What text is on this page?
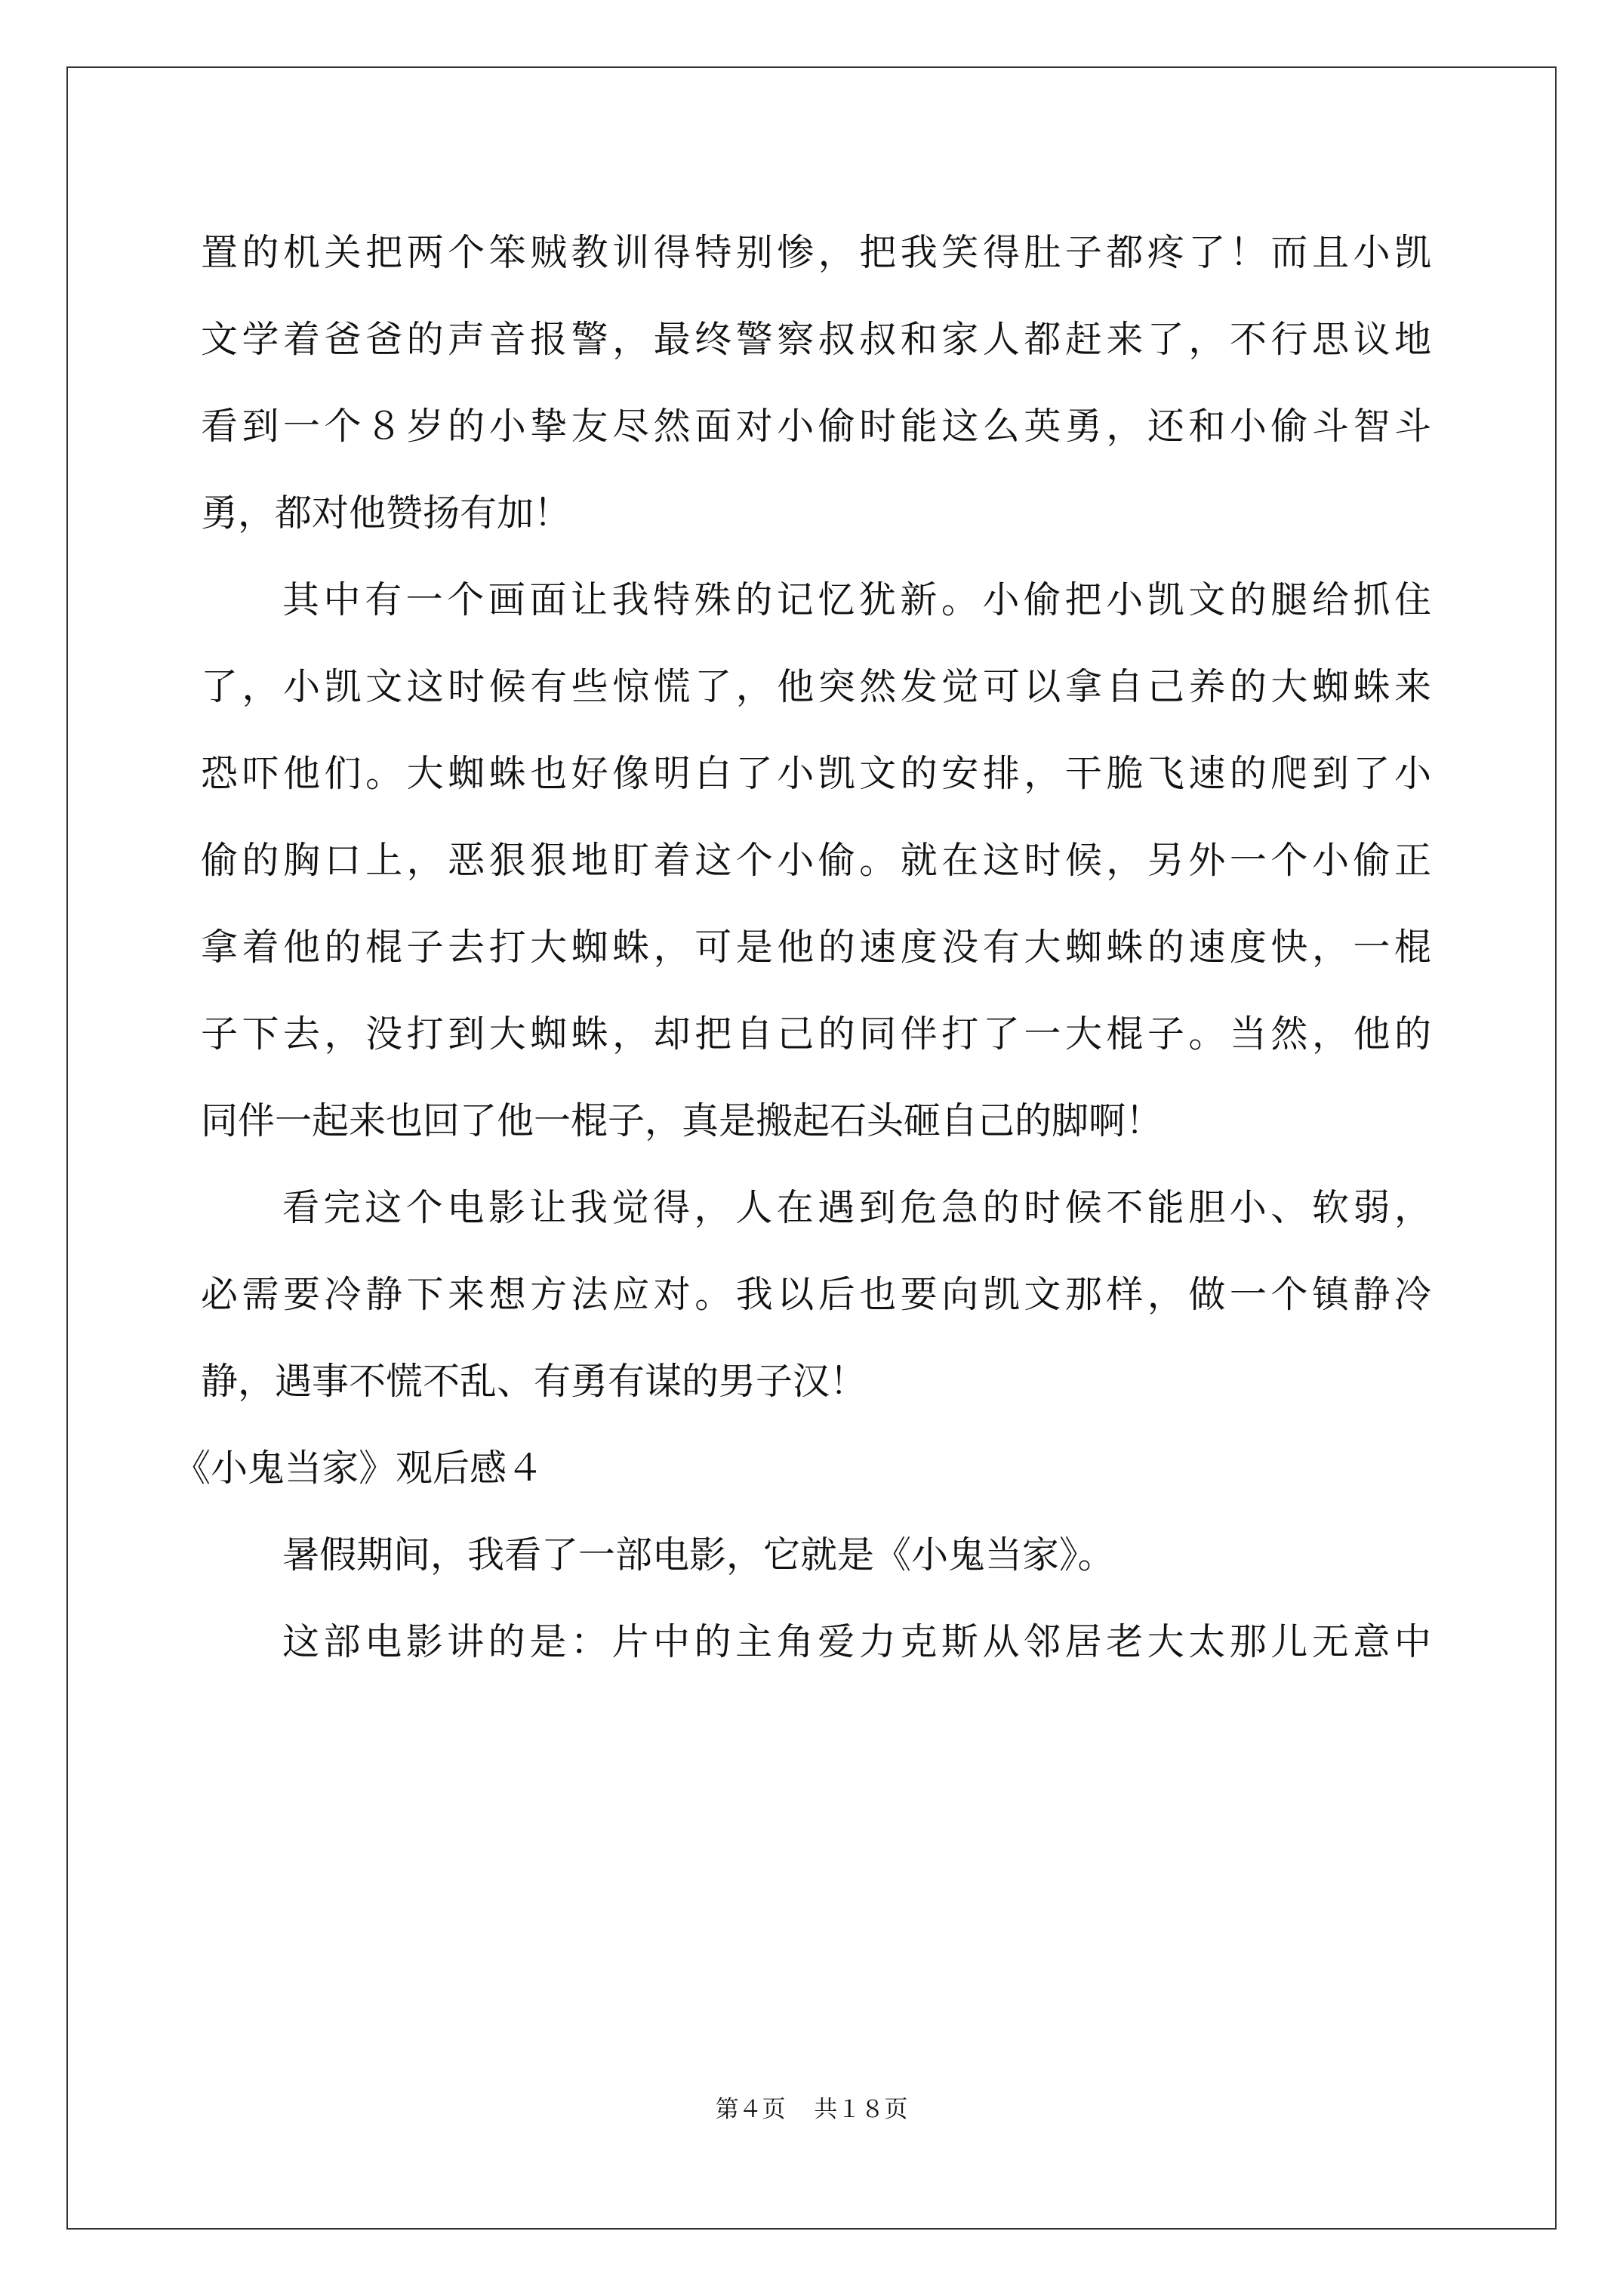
置的机关把两个笨贼教训得特别惨，把我笑得肚子都疼了！而且小凯
文学着爸爸的声音报警，最终警察叔叔和家人都赶来了，不行思议地
看到一个８岁的小挚友尽然面对小偷时能这么英勇，还和小偷斗智斗
勇，都对他赞扬有加！
其中有一个画面让我特殊的记忆犹新。小偷把小凯文的腿给抓住
了，小凯文这时候有些惊慌了，他突然发觉可以拿自己养的大蜘蛛来
恐吓他们。大蜘蛛也好像明白了小凯文的安排，干脆飞速的爬到了小
偷的胸口上，恶狠狠地盯着这个小偷。就在这时候，另外一个小偷正
拿着他的棍子去打大蜘蛛，可是他的速度没有大蜘蛛的速度快，一棍
子下去，没打到大蜘蛛，却把自己的同伴打了一大棍子。当然，他的
同伴一起来也回了他一棍子，真是搬起石头砸自己的脚啊！
看完这个电影让我觉得，人在遇到危急的时候不能胆小、软弱，
必需要冷静下来想方法应对。我以后也要向凯文那样，做一个镇静冷
静，遇事不慌不乱、有勇有谋的男子汉！
《小鬼当家》观后感４
暑假期间，我看了一部电影，它就是《小鬼当家》。
这部电影讲的是：片中的主角爱力克斯从邻居老大太那儿无意中
第４页 共１８页
